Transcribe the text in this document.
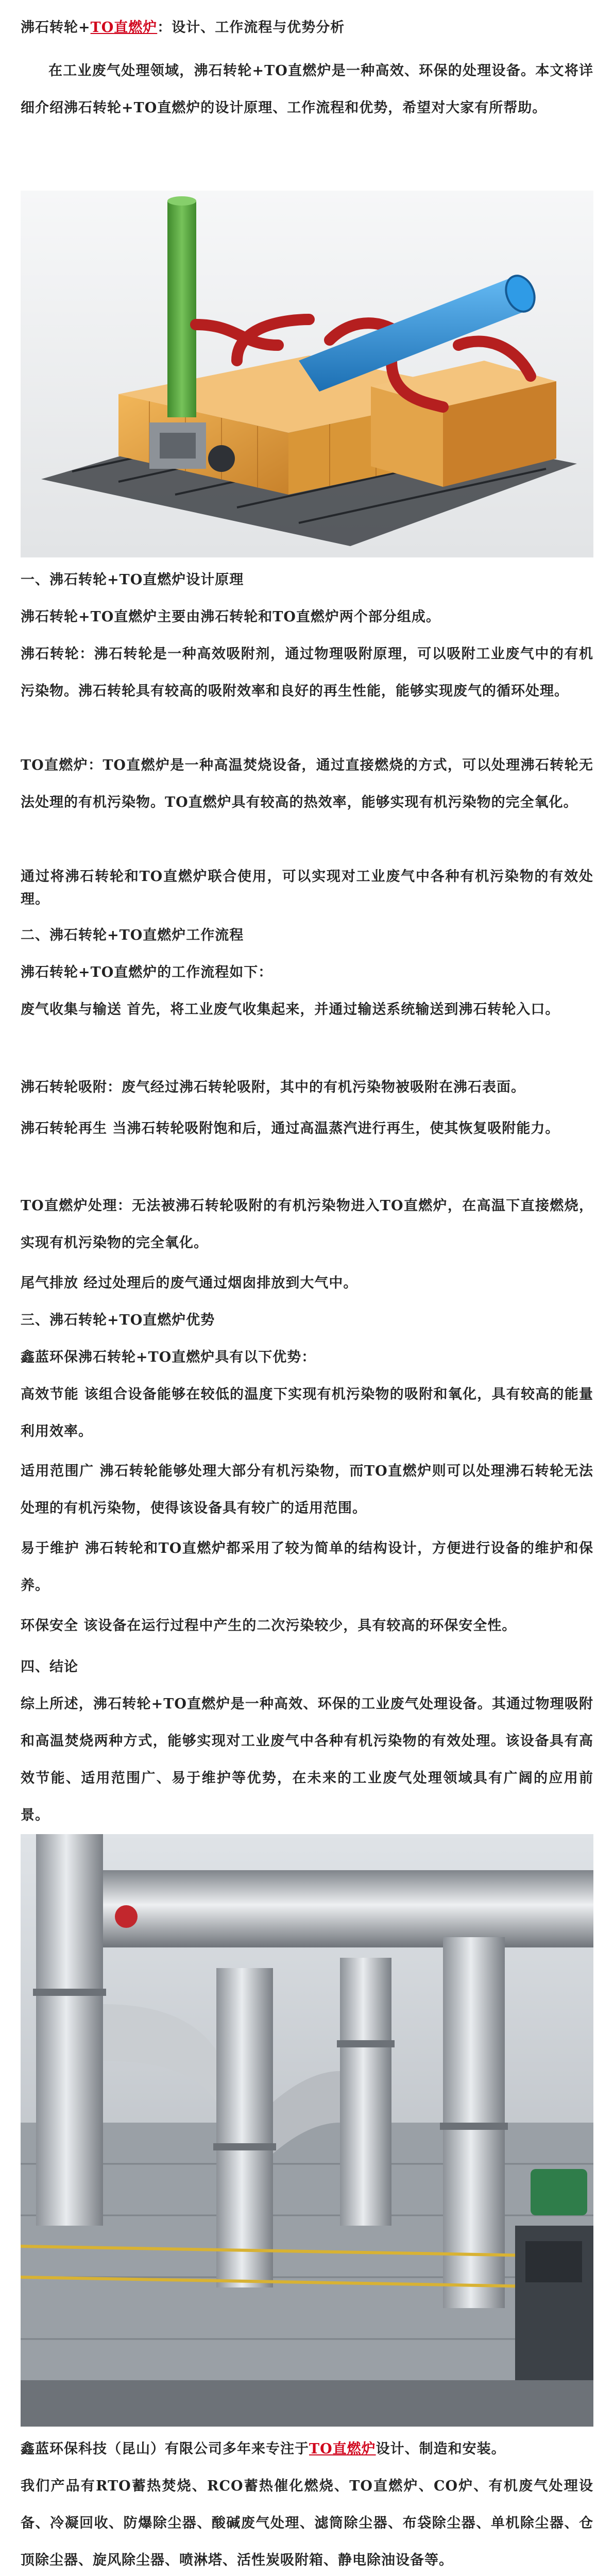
沸石转轮+TO直燃炉：设计、工作流程与优势分析

在工业废气处理领域，沸石转轮+TO直燃炉是一种高效、环保的处理设备。本文将详细介绍沸石转轮+TO直燃炉的设计原理、工作流程和优势，希望对大家有所帮助。

一、沸石转轮+TO直燃炉设计原理

沸石转轮+TO直燃炉主要由沸石转轮和TO直燃炉两个部分组成。

沸石转轮：沸石转轮是一种高效吸附剂，通过物理吸附原理，可以吸附工业废气中的有机污染物。沸石转轮具有较高的吸附效率和良好的再生性能，能够实现废气的循环处理。

TO直燃炉：TO直燃炉是一种高温焚烧设备，通过直接燃烧的方式，可以处理沸石转轮无法处理的有机污染物。TO直燃炉具有较高的热效率，能够实现有机污染物的完全氧化。

通过将沸石转轮和TO直燃炉联合使用，可以实现对工业废气中各种有机污染物的有效处理。

二、沸石转轮+TO直燃炉工作流程

沸石转轮+TO直燃炉的工作流程如下：

废气收集与输送 首先，将工业废气收集起来，并通过输送系统输送到沸石转轮入口。

沸石转轮吸附：废气经过沸石转轮吸附，其中的有机污染物被吸附在沸石表面。

沸石转轮再生 当沸石转轮吸附饱和后，通过高温蒸汽进行再生，使其恢复吸附能力。

TO直燃炉处理：无法被沸石转轮吸附的有机污染物进入TO直燃炉，在高温下直接燃烧，实现有机污染物的完全氧化。

尾气排放 经过处理后的废气通过烟囱排放到大气中。

三、沸石转轮+TO直燃炉优势

鑫蓝环保沸石转轮+TO直燃炉具有以下优势：

高效节能 该组合设备能够在较低的温度下实现有机污染物的吸附和氧化，具有较高的能量利用效率。

适用范围广 沸石转轮能够处理大部分有机污染物，而TO直燃炉则可以处理沸石转轮无法处理的有机污染物，使得该设备具有较广的适用范围。

易于维护 沸石转轮和TO直燃炉都采用了较为简单的结构设计，方便进行设备的维护和保养。

环保安全 该设备在运行过程中产生的二次污染较少，具有较高的环保安全性。

四、结论

综上所述，沸石转轮+TO直燃炉是一种高效、环保的工业废气处理设备。其通过物理吸附和高温焚烧两种方式，能够实现对工业废气中各种有机污染物的有效处理。该设备具有高效节能、适用范围广、易于维护等优势，在未来的工业废气处理领域具有广阔的应用前景。

鑫蓝环保科技（昆山）有限公司多年来专注于TO直燃炉设计、制造和安装。

我们产品有RTO蓄热焚烧、RCO蓄热催化燃烧、TO直燃炉、CO炉、有机废气处理设备、冷凝回收、防爆除尘器、酸碱废气处理、滤筒除尘器、布袋除尘器、单机除尘器、仓顶除尘器、旋风除尘器、喷淋塔、活性炭吸附箱、静电除油设备等。
